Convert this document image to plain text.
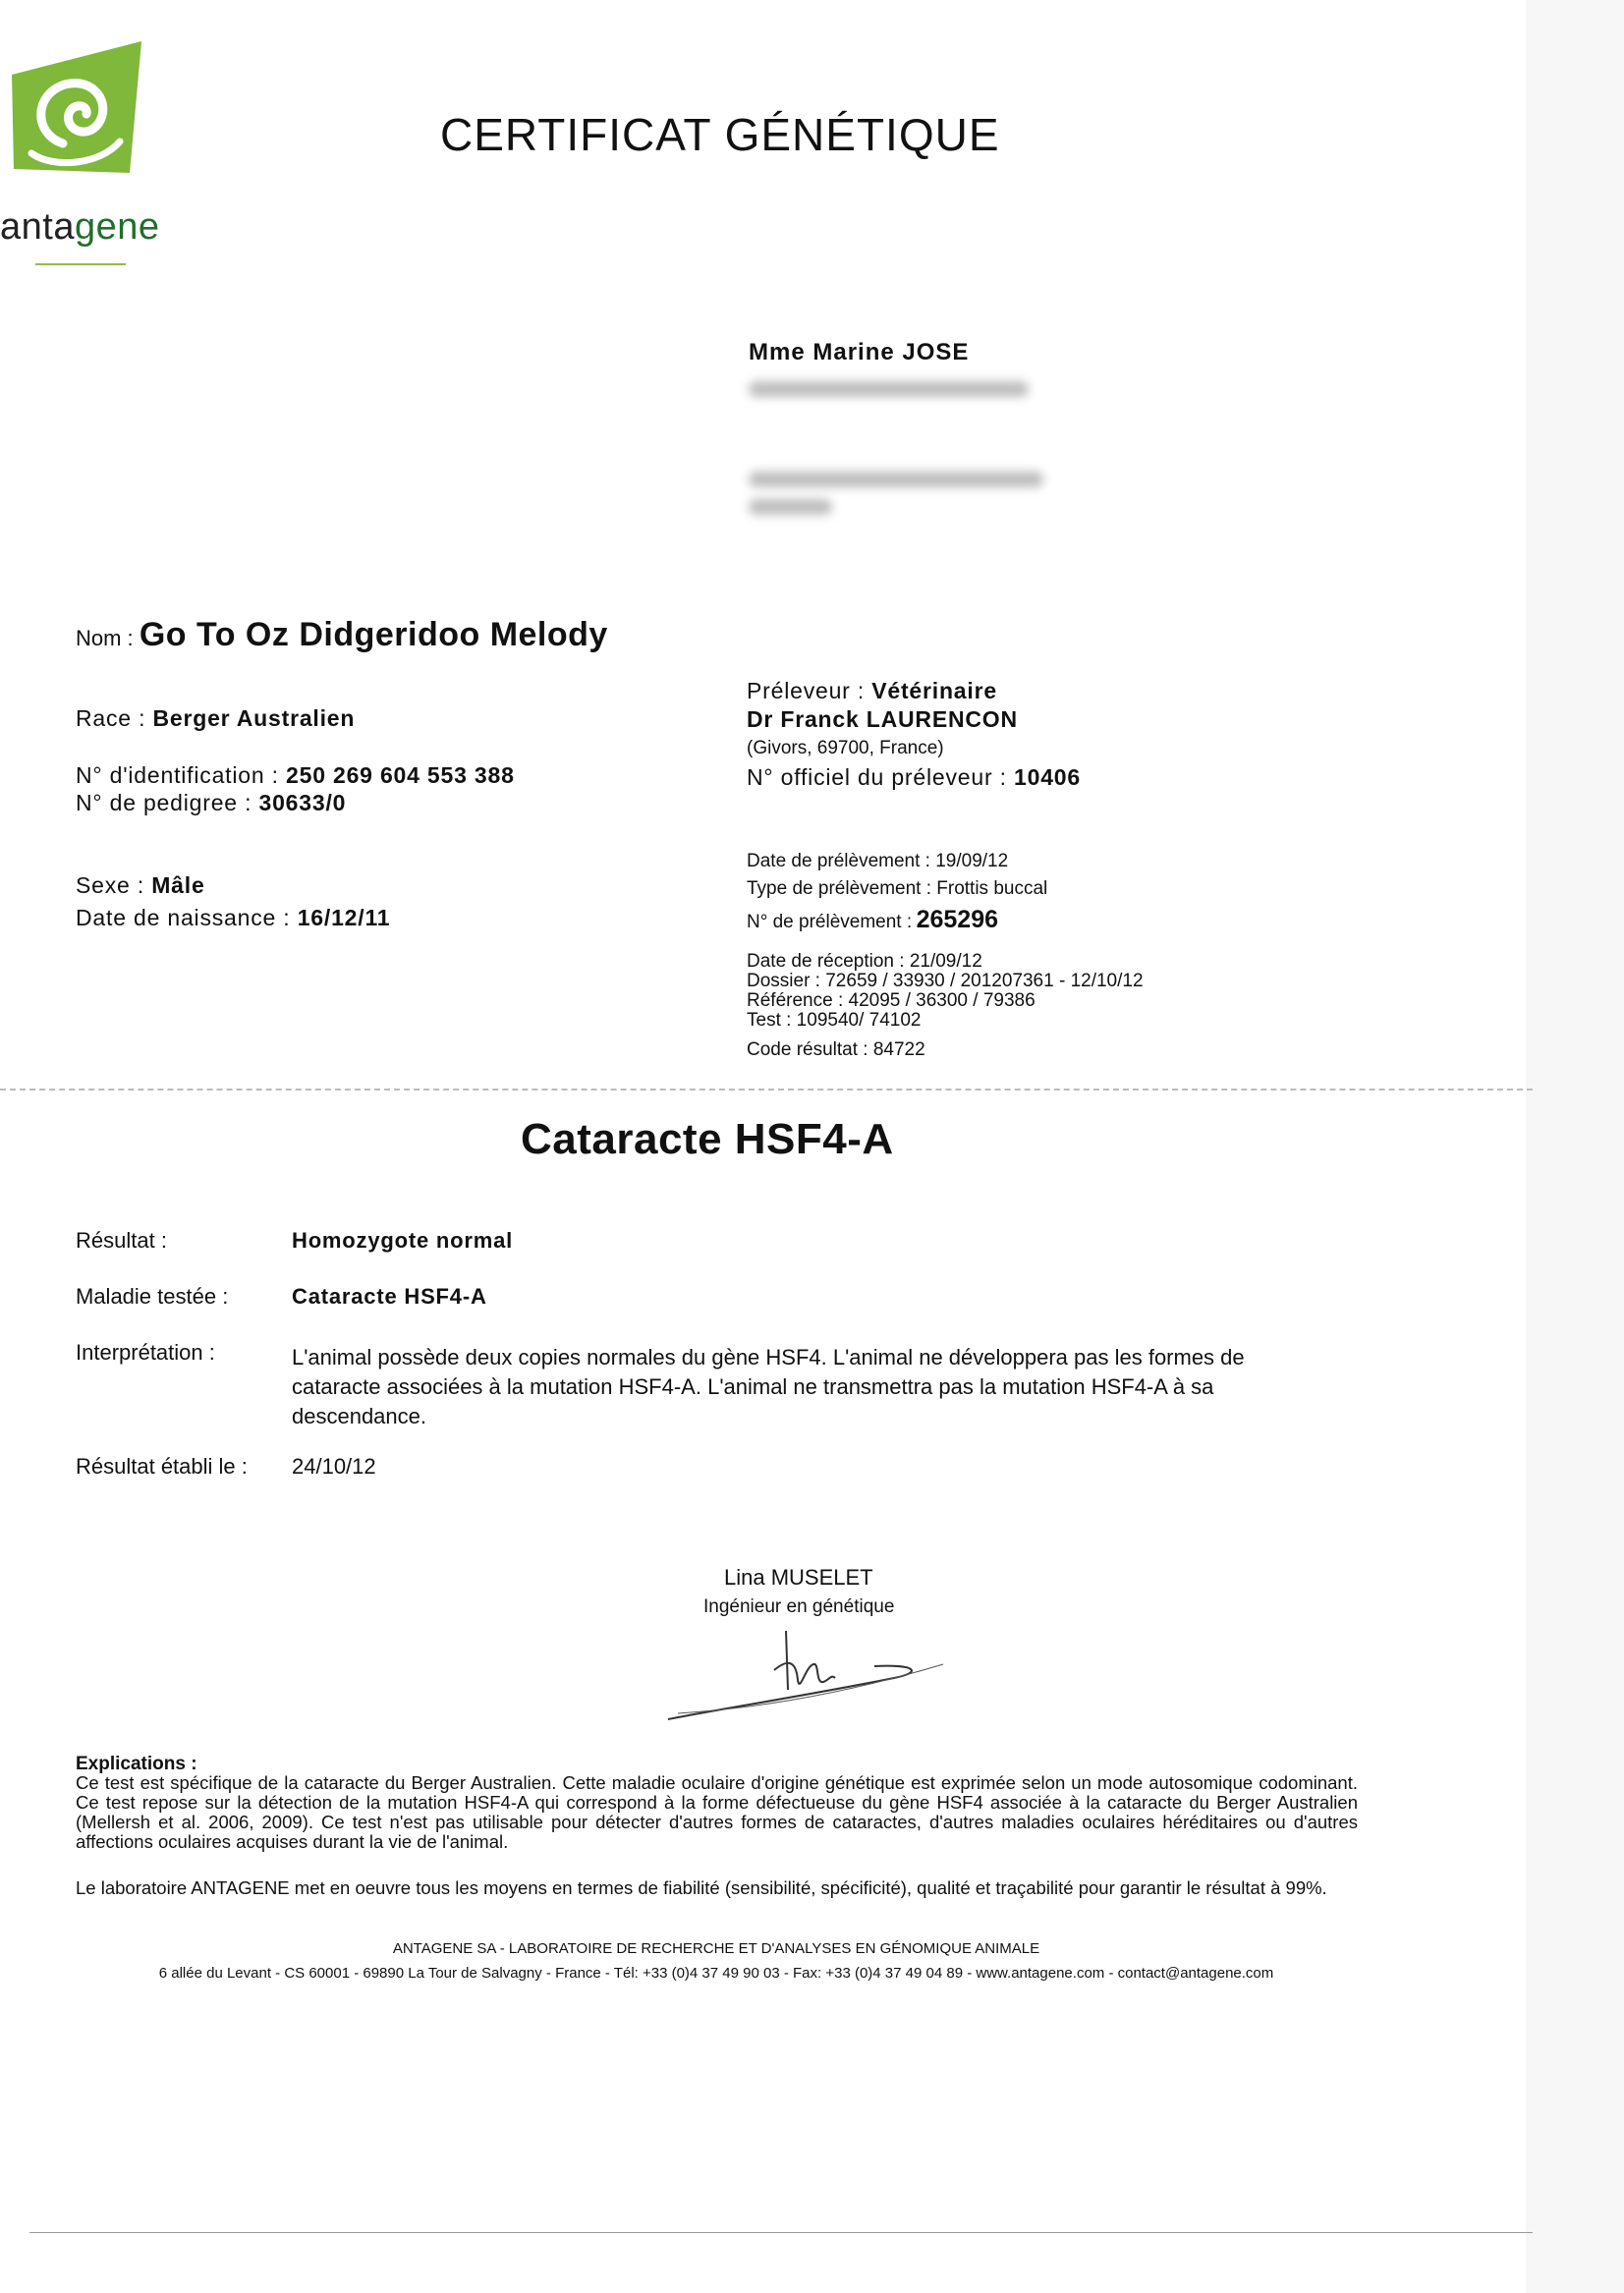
antagene
CERTIFICAT GÉNÉTIQUE
Mme Marine JOSE
Nom : Go To Oz Didgeridoo Melody
Race : Berger Australien
N° d'identification : 250 269 604 553 388
N° de pedigree : 30633/0
Sexe : Mâle
Date de naissance : 16/12/11
Préleveur : Vétérinaire
Dr Franck LAURENCON
(Givors, 69700, France)
N° officiel du préleveur : 10406
Date de prélèvement : 19/09/12
Type de prélèvement : Frottis buccal
N° de prélèvement : 265296
Date de réception : 21/09/12
Dossier : 72659 / 33930 / 201207361 - 12/10/12
Référence : 42095 / 36300 / 79386
Test : 109540/ 74102
Code résultat : 84722
Cataracte HSF4-A
Résultat :	Homozygote normal
Maladie testée :	Cataracte HSF4-A
Interprétation :	L'animal possède deux copies normales du gène HSF4. L'animal ne développera pas les formes de cataracte associées à la mutation HSF4-A. L'animal ne transmettra pas la mutation HSF4-A à sa descendance.
Résultat établi le : 24/10/12
Lina MUSELET
Ingénieur en génétique
Explications :
Ce test est spécifique de la cataracte du Berger Australien. Cette maladie oculaire d'origine génétique est exprimée selon un mode autosomique codominant. Ce test repose sur la détection de la mutation HSF4-A qui correspond à la forme défectueuse du gène HSF4 associée à la cataracte du Berger Australien (Mellersh et al. 2006, 2009). Ce test n'est pas utilisable pour détecter d'autres formes de cataractes, d'autres maladies oculaires héréditaires ou d'autres affections oculaires acquises durant la vie de l'animal.
Le laboratoire ANTAGENE met en oeuvre tous les moyens en termes de fiabilité (sensibilité, spécificité), qualité et traçabilité pour garantir le résultat à 99%.
ANTAGENE SA - LABORATOIRE DE RECHERCHE ET D'ANALYSES EN GÉNOMIQUE ANIMALE
6 allée du Levant - CS 60001 - 69890 La Tour de Salvagny - France - Tél: +33 (0)4 37 49 90 03 - Fax: +33 (0)4 37 49 04 89 - www.antagene.com - contact@antagene.com
